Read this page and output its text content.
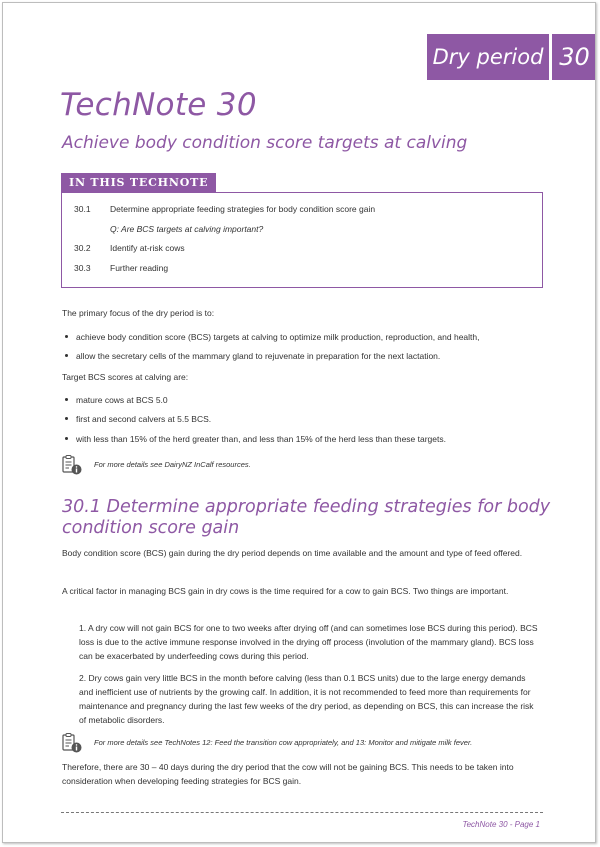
Dry period 30
TechNote 30
Achieve body condition score targets at calving
IN THIS TECHNOTE
30.1	Determine appropriate feeding strategies for body condition score gain
Q: Are BCS targets at calving important?
30.2	Identify at-risk cows
30.3	Further reading

The primary focus of the dry period is to:

achieve body condition score (BCS) targets at calving to optimize milk production, reproduction, and health,
allow the secretary cells of the mammary gland to rejuvenate in preparation for the next lactation.

Target BCS scores at calving are:

mature cows at BCS 5.0
first and second calvers at 5.5 BCS.
with less than 15% of the herd greater than, and less than 15% of the herd less than these targets.
For more details see DairyNZ InCalf resources.
30.1 Determine appropriate feeding strategies for body condition score gain

Body condition score (BCS) gain during the dry period depends on time available and the amount and type of feed offered.

A critical factor in managing BCS gain in dry cows is the time required for a cow to gain BCS. Two things are important.

1. A dry cow will not gain BCS for one to two weeks after drying off (and can sometimes lose BCS during this period). BCS loss is due to the active immune response involved in the drying off process (involution of the mammary gland). BCS loss can be exacerbated by underfeeding cows during this period.

2. Dry cows gain very little BCS in the month before calving (less than 0.1 BCS units) due to the large energy demands and inefficient use of nutrients by the growing calf. In addition, it is not recommended to feed more than requirements for maintenance and pregnancy during the last few weeks of the dry period, as depending on BCS, this can increase the risk of metabolic disorders.

For more details see TechNotes 12: Feed the transition cow appropriately, and 13: Monitor and mitigate milk fever.

Therefore, there are 30 – 40 days during the dry period that the cow will not be gaining BCS. This needs to be taken into consideration when developing feeding strategies for BCS gain.

TechNote 30 - Page 1
